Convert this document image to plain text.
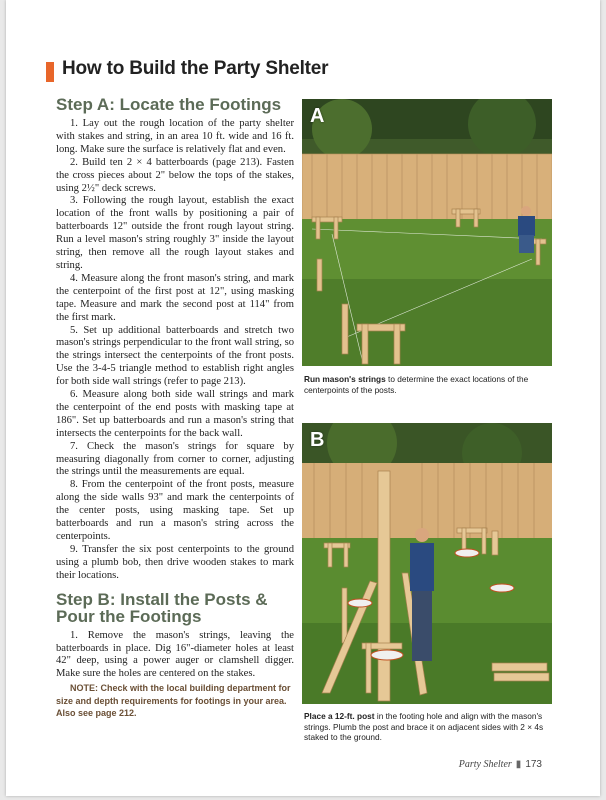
How to Build the Party Shelter
Step A: Locate the Footings

1. Lay out the rough location of the party shelter with stakes and string, in an area 10 ft. wide and 16 ft. long. Make sure the surface is relatively flat and even.

2. Build ten 2 × 4 batterboards (page 213). Fasten the cross pieces about 2" below the tops of the stakes, using 2½" deck screws.

3. Following the rough layout, establish the exact location of the front walls by positioning a pair of batterboards 12" outside the front rough layout string. Run a level mason's string roughly 3" inside the layout string, then remove all the rough layout stakes and string.

4. Measure along the front mason's string, and mark the centerpoint of the first post at 12", using masking tape. Measure and mark the second post at 114" from the first mark.

5. Set up additional batterboards and stretch two mason's strings perpendicular to the front wall string, so the strings intersect the centerpoints of the front posts. Use the 3-4-5 triangle method to establish right angles for both side wall strings (refer to page 213).

6. Measure along both side wall strings and mark the centerpoint of the end posts with masking tape at 186". Set up batterboards and run a mason's string that intersects the centerpoints for the back wall.

7. Check the mason's strings for square by measuring diagonally from corner to corner, adjusting the strings until the measurements are equal.

8. From the centerpoint of the front posts, measure along the side walls 93" and mark the centerpoints of the center posts, using masking tape. Set up batterboards and run a mason's string across the centerpoints.

9. Transfer the six post centerpoints to the ground using a plumb bob, then drive wooden stakes to mark their locations.

Step B: Install the Posts & Pour the Footings

1. Remove the mason's strings, leaving the batterboards in place. Dig 16"-diameter holes at least 42" deep, using a power auger or clamshell digger. Make sure the holes are centered on the stakes.

NOTE: Check with the local building department for size and depth requirements for footings in your area. Also see page 212.

A

Run mason's strings to determine the exact locations of the centerpoints of the posts.

B

Place a 12-ft. post in the footing hole and align with the mason's strings. Plumb the post and brace it on adjacent sides with 2 × 4s staked to the ground.

Party Shelter ▮ 173
